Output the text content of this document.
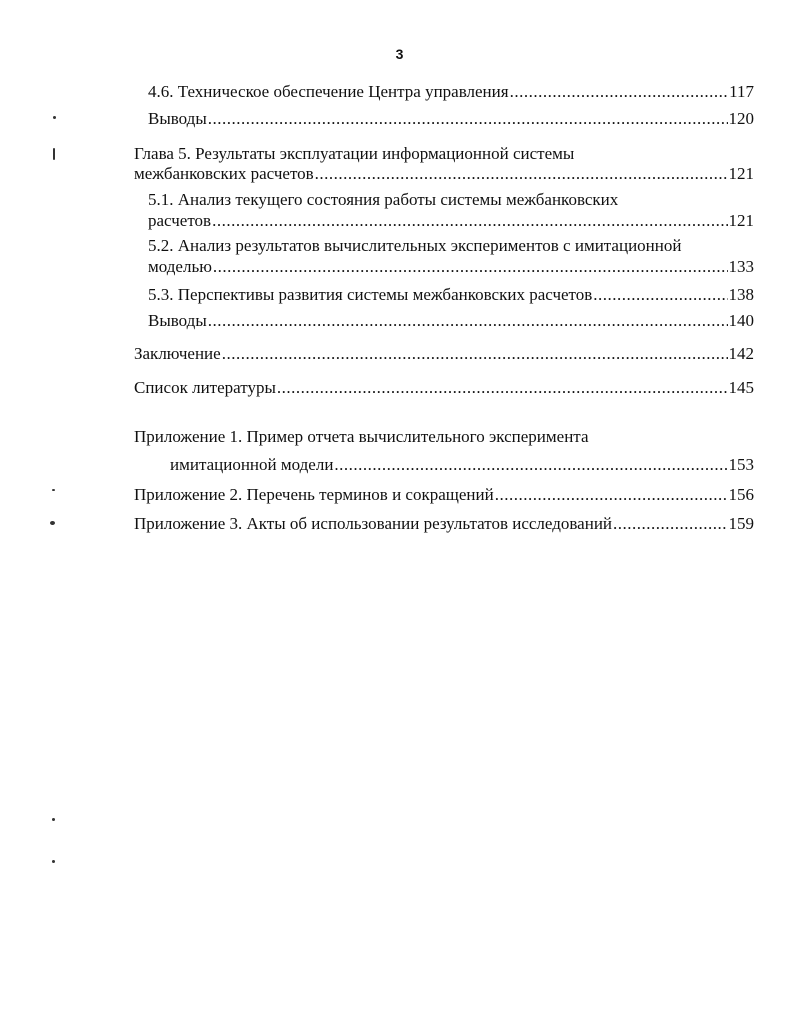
3
4.6. Техническое обеспечение Центра управления .....	117
Выводы .....	120
Глава 5. Результаты эксплуатации информационной системы
межбанковских расчетов .....	121
5.1. Анализ текущего состояния работы системы межбанковских
расчетов .....	121
5.2. Анализ результатов вычислительных экспериментов с имитационной
моделью .....	133
5.3. Перспективы развития системы межбанковских расчетов .....	138
Выводы .....	140
Заключение .....	142
Список литературы .....	145
Приложение 1. Пример отчета вычислительного эксперимента
имитационной модели .....	153
Приложение 2. Перечень терминов и сокращений .....	156
Приложение 3. Акты об использовании результатов исследований .....	159
